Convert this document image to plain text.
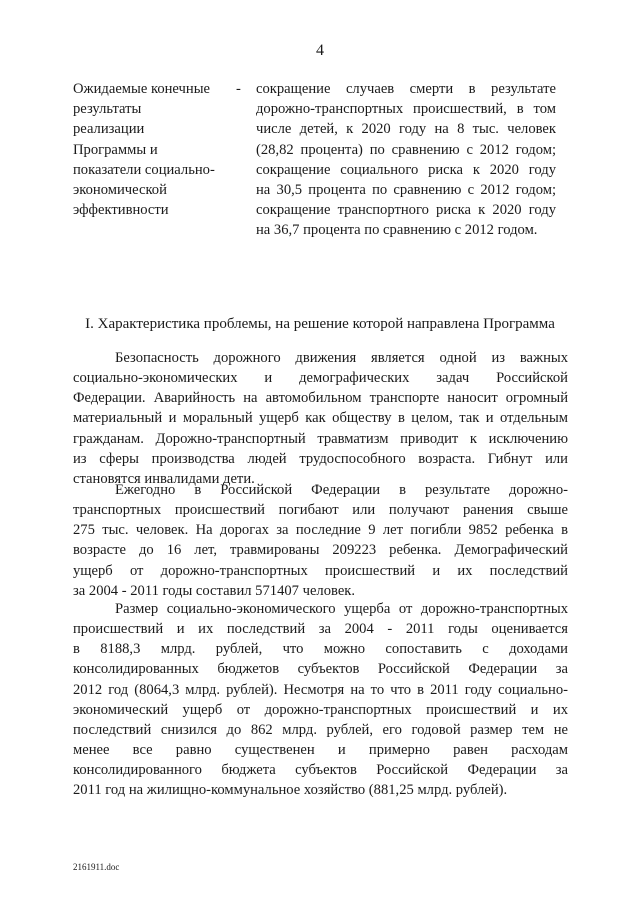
4
Ожидаемые конечные
результаты
реализации
Программы и
показатели социально-
экономической
эффективности
- сокращение случаев смерти в результате
дорожно-транспортных происшествий, в том
числе детей, к 2020 году на 8 тыс. человек
(28,82 процента) по сравнению с 2012 годом;
сокращение социального риска к 2020 году
на 30,5 процента по сравнению с 2012 годом;
сокращение транспортного риска к 2020 году
на 36,7 процента по сравнению с 2012 годом.
I. Характеристика проблемы, на решение которой направлена Программа
Безопасность дорожного движения является одной из важных
социально-экономических и демографических задач Российской
Федерации. Аварийность на автомобильном транспорте наносит огромный
материальный и моральный ущерб как обществу в целом, так и отдельным
гражданам. Дорожно-транспортный травматизм приводит к исключению
из сферы производства людей трудоспособного возраста. Гибнут или
становятся инвалидами дети.
Ежегодно в Российской Федерации в результате дорожно-
транспортных происшествий погибают или получают ранения свыше
275 тыс. человек. На дорогах за последние 9 лет погибли 9852 ребенка в
возрасте до 16 лет, травмированы 209223 ребенка. Демографический
ущерб от дорожно-транспортных происшествий и их последствий
за 2004 - 2011 годы составил 571407 человек.
Размер социально-экономического ущерба от дорожно-транспортных
происшествий и их последствий за 2004 - 2011 годы оценивается
в 8188,3 млрд. рублей, что можно сопоставить с доходами
консолидированных бюджетов субъектов Российской Федерации за
2012 год (8064,3 млрд. рублей). Несмотря на то что в 2011 году социально-
экономический ущерб от дорожно-транспортных происшествий и их
последствий снизился до 862 млрд. рублей, его годовой размер тем не
менее все равно существенен и примерно равен расходам
консолидированного бюджета субъектов Российской Федерации за
2011 год на жилищно-коммунальное хозяйство (881,25 млрд. рублей).
2161911.doc
